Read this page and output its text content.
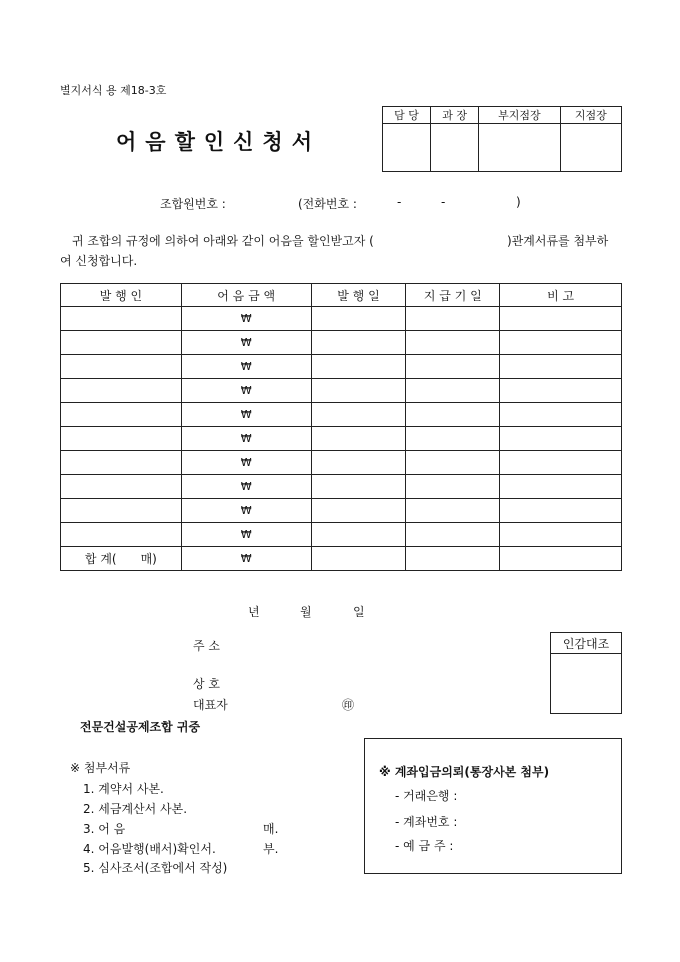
별지서식 용 제18-3호
어음할인신청서
담 당	과 장	부지점장	지점장

조합원번호 :	(전화번호 :	-	-	)
귀 조합의 규정에 의하여 아래와 같이 어음을 할인받고자 (	)관계서류를 첨부하
여 신청합니다.
발 행 인	어 음 금 액	발 행 일	지 급 기 일	비 고
	₩			
	₩			
	₩			
	₩			
	₩			
	₩			
	₩			
	₩			
	₩			
	₩			
합 계( 매)	₩			
년	월	일
주 소
상 호
대표자	㊞
인감대조

전문건설공제조합 귀중
※ 첨부서류
1. 계약서 사본.
2. 세금계산서 사본.
3. 어 음	매.
4. 어음발행(배서)확인서.	부.
5. 심사조서(조합에서 작성)
※ 계좌입금의뢰(통장사본 첨부)
- 거래은행 :
- 계좌번호 :
- 예 금 주 :
